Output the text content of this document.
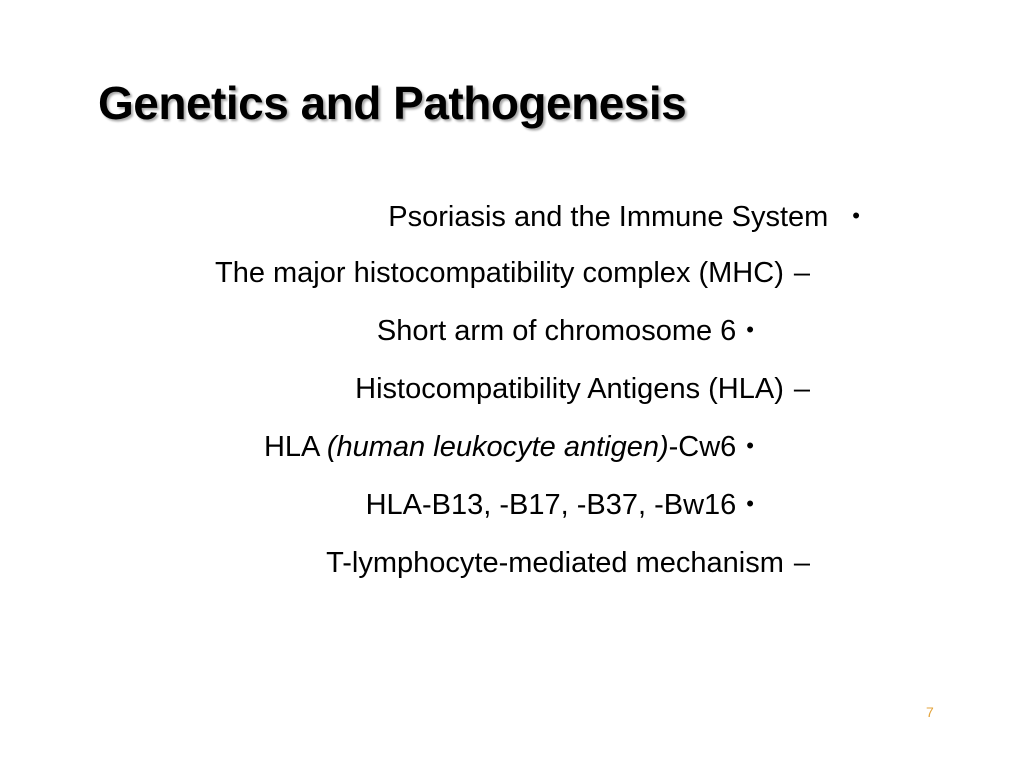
Genetics and Pathogenesis
Psoriasis and the Immune System •
The major histocompatibility complex (MHC) –
Short arm of chromosome 6 •
Histocompatibility Antigens (HLA) –
HLA (human leukocyte antigen)-Cw6 •
HLA-B13, -B17, -B37, -Bw16 •
T-lymphocyte-mediated mechanism –
7
